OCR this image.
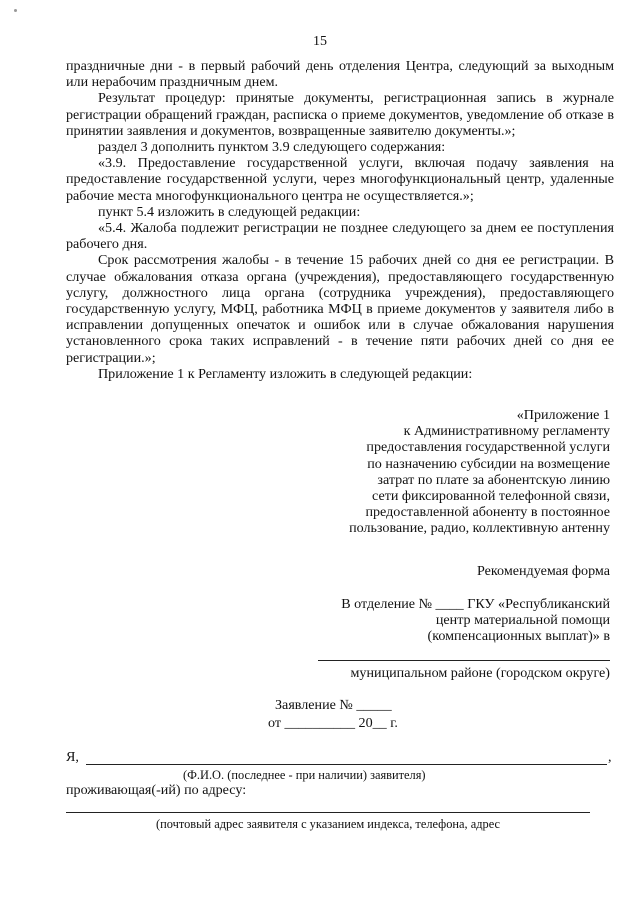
15

праздничные дни - в первый рабочий день отделения Центра, следующий за выходным или нерабочим праздничным днем.

Результат процедур: принятые документы, регистрационная запись в журнале регистрации обращений граждан, расписка о приеме документов, уведомление об отказе в принятии заявления и документов, возвращенные заявителю документы.»;

раздел 3 дополнить пунктом 3.9 следующего содержания:

«3.9. Предоставление государственной услуги, включая подачу заявления на предоставление государственной услуги, через многофункциональный центр, удаленные рабочие места многофункционального центра не осуществляется.»;

пункт 5.4 изложить в следующей редакции:

«5.4. Жалоба подлежит регистрации не позднее следующего за днем ее поступления рабочего дня.

Срок рассмотрения жалобы - в течение 15 рабочих дней со дня ее регистрации. В случае обжалования отказа органа (учреждения), предоставляющего государственную услугу, должностного лица органа (сотрудника учреждения), предоставляющего государственную услугу, МФЦ, работника МФЦ в приеме документов у заявителя либо в исправлении допущенных опечаток и ошибок или в случае обжалования нарушения установленного срока таких исправлений - в течение пяти рабочих дней со дня ее регистрации.»;

Приложение 1 к Регламенту изложить в следующей редакции:

«Приложение 1
к Административному регламенту
предоставления государственной услуги
по назначению субсидии на возмещение
затрат по плате за абонентскую линию
сети фиксированной телефонной связи,
предоставленной абоненту в постоянное
пользование, радио, коллективную антенну
Рекомендуемая форма
В отделение № ____ ГКУ «Республиканский
центр материальной помощи
(компенсационных выплат)» в
муниципальном районе (городском округе)
Заявление № _____
от __________ 20__ г.
Я,	,
(Ф.И.О. (последнее - при наличии) заявителя)
проживающая(-ий) по адресу:
(почтовый адрес заявителя с указанием индекса, телефона, адрес
